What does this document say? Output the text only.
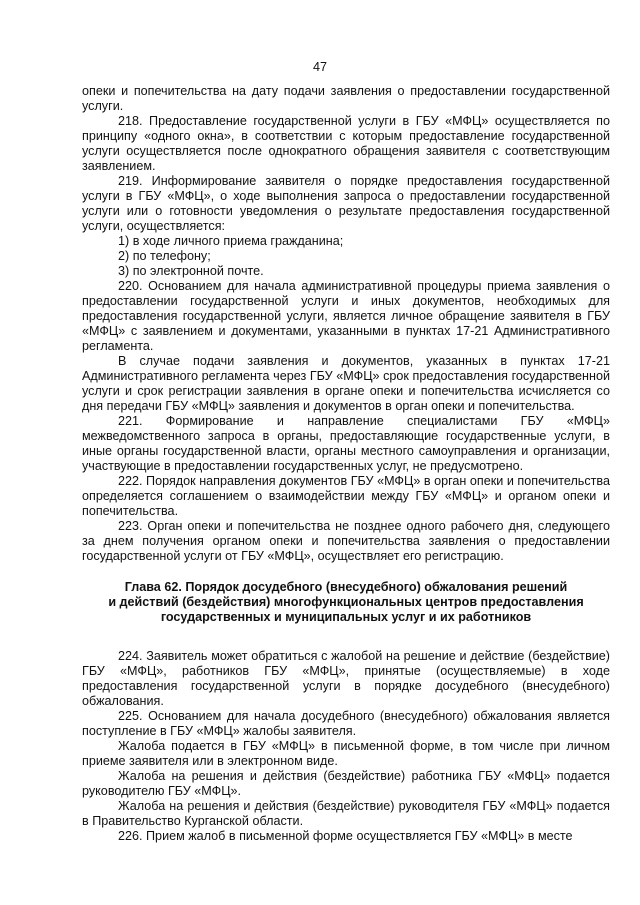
47

опеки и попечительства на дату подачи заявления о предоставлении государственной услуги.

218. Предоставление государственной услуги в ГБУ «МФЦ» осуществляется по принципу «одного окна», в соответствии с которым предоставление государственной услуги осуществляется после однократного обращения заявителя с соответствующим заявлением.

219. Информирование заявителя о порядке предоставления государственной услуги в ГБУ «МФЦ», о ходе выполнения запроса о предоставлении государственной услуги или о готовности уведомления о результате предоставления государственной услуги, осуществляется:

1) в ходе личного приема гражданина;

2) по телефону;

3) по электронной почте.

220. Основанием для начала административной процедуры приема заявления о предоставлении государственной услуги и иных документов, необходимых для предоставления государственной услуги, является личное обращение заявителя в ГБУ «МФЦ» с заявлением и документами, указанными в пунктах 17-21 Административного регламента.

В случае подачи заявления и документов, указанных в пунктах 17-21 Административного регламента через ГБУ «МФЦ» срок предоставления государственной услуги и срок регистрации заявления в органе опеки и попечительства исчисляется со дня передачи ГБУ «МФЦ» заявления и документов в орган опеки и попечительства.

221. Формирование и направление специалистами ГБУ «МФЦ» межведомственного запроса в органы, предоставляющие государственные услуги, в иные органы государственной власти, органы местного самоуправления и организации, участвующие в предоставлении государственных услуг, не предусмотрено.

222. Порядок направления документов ГБУ «МФЦ» в орган опеки и попечительства определяется соглашением о взаимодействии между ГБУ «МФЦ» и органом опеки и попечительства.

223. Орган опеки и попечительства не позднее одного рабочего дня, следующего за днем получения органом опеки и попечительства заявления о предоставлении государственной услуги от ГБУ «МФЦ», осуществляет его регистрацию.

Глава 62. Порядок досудебного (внесудебного) обжалования решений
и действий (бездействия) многофункциональных центров предоставления
государственных и муниципальных услуг и их работников

224. Заявитель может обратиться с жалобой на решение и действие (бездействие) ГБУ «МФЦ», работников ГБУ «МФЦ», принятые (осуществляемые) в ходе предоставления государственной услуги в порядке досудебного (внесудебного) обжалования.

225. Основанием для начала досудебного (внесудебного) обжалования является поступление в ГБУ «МФЦ» жалобы заявителя.

Жалоба подается в ГБУ «МФЦ» в письменной форме, в том числе при личном приеме заявителя или в электронном виде.

Жалоба на решения и действия (бездействие) работника ГБУ «МФЦ» подается руководителю ГБУ «МФЦ».

Жалоба на решения и действия (бездействие) руководителя ГБУ «МФЦ» подается в Правительство Курганской области.

226. Прием жалоб в письменной форме осуществляется ГБУ «МФЦ» в месте
